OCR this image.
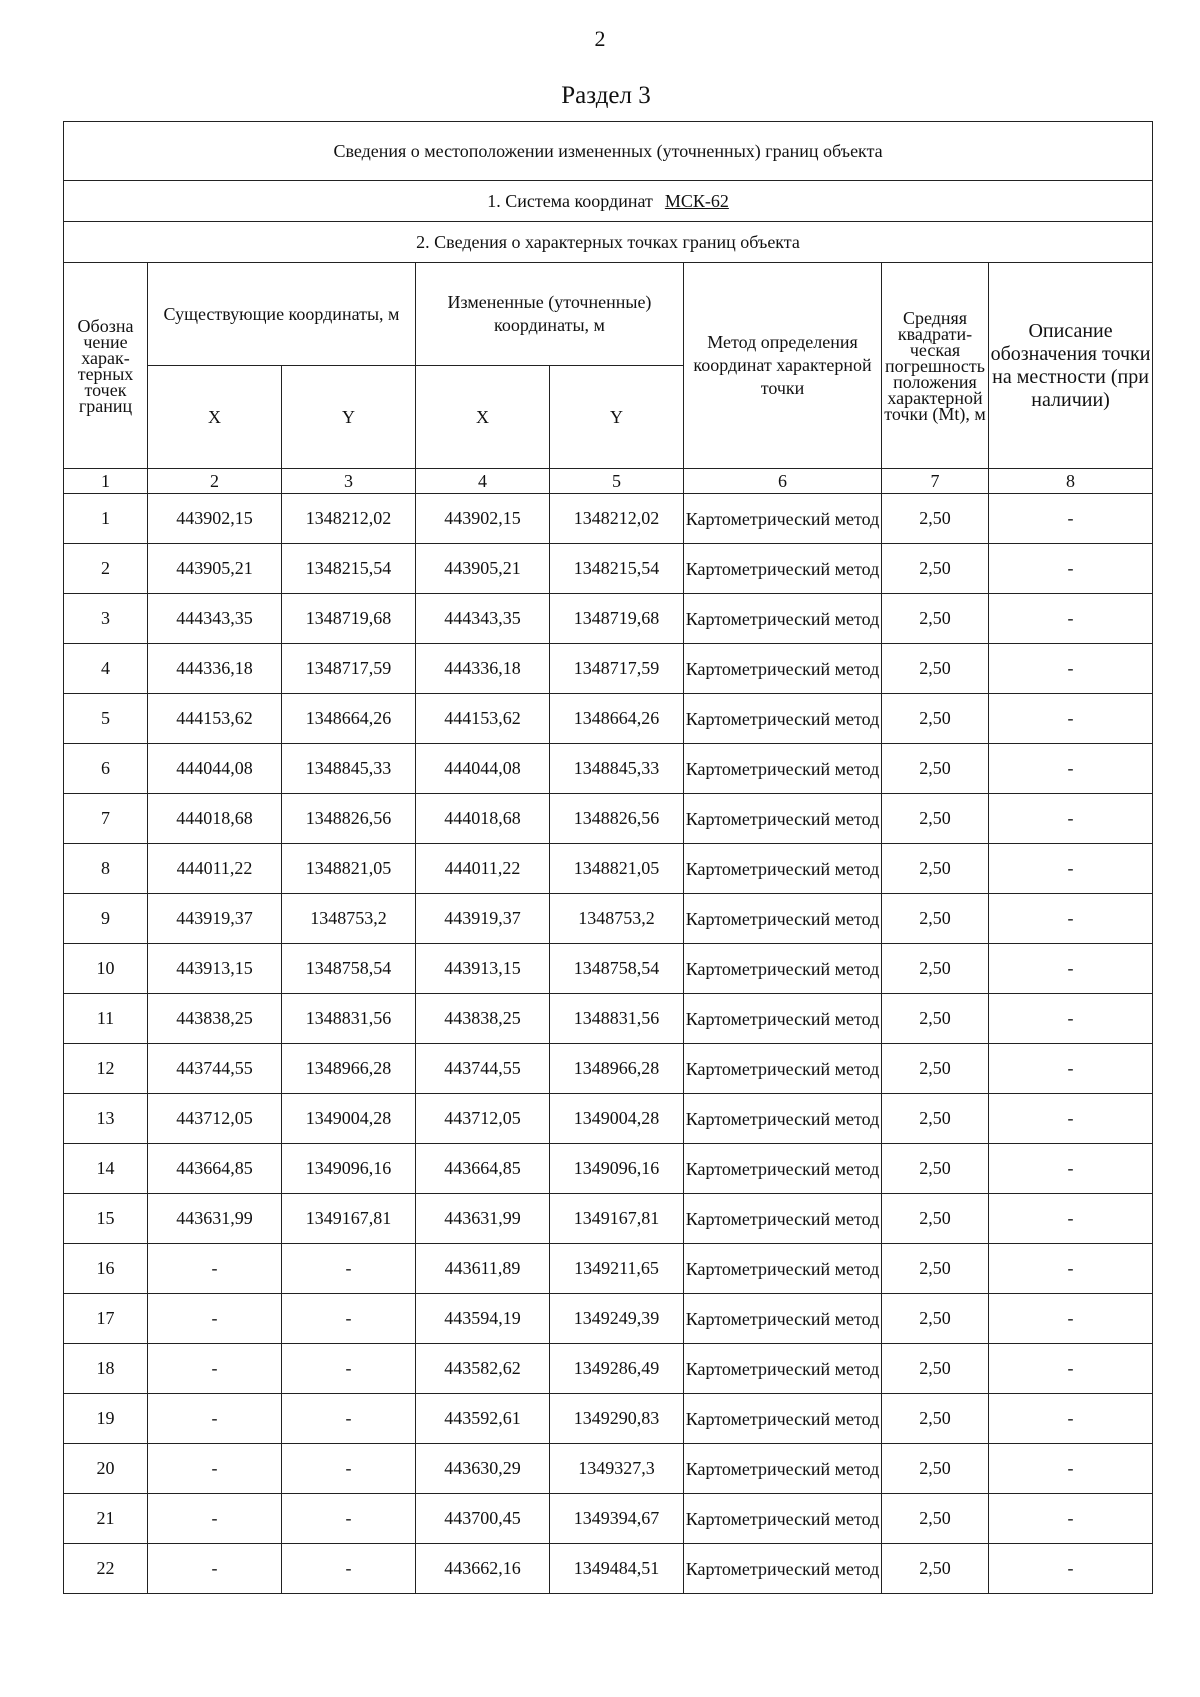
2
Раздел 3
Сведения о местоположении измененных (уточненных) границ объекта							
1. Система координат МСК-62							
2. Сведения о характерных точках границ объекта							
Обозна чение харак-терных точек границ	Существующие координаты, м		Измененные (уточненные) координаты, м		Метод определения координат характерной точки	Средняя квадрати-ческая погрешность положения характерной точки (Mt), м	Описание обозначения точки на местности (при наличии)
	X	Y	X	Y			
1	2	3	4	5	6	7	8
1	443902,15	1348212,02	443902,15	1348212,02	Картометрический метод	2,50	-
2	443905,21	1348215,54	443905,21	1348215,54	Картометрический метод	2,50	-
3	444343,35	1348719,68	444343,35	1348719,68	Картометрический метод	2,50	-
4	444336,18	1348717,59	444336,18	1348717,59	Картометрический метод	2,50	-
5	444153,62	1348664,26	444153,62	1348664,26	Картометрический метод	2,50	-
6	444044,08	1348845,33	444044,08	1348845,33	Картометрический метод	2,50	-
7	444018,68	1348826,56	444018,68	1348826,56	Картометрический метод	2,50	-
8	444011,22	1348821,05	444011,22	1348821,05	Картометрический метод	2,50	-
9	443919,37	1348753,2	443919,37	1348753,2	Картометрический метод	2,50	-
10	443913,15	1348758,54	443913,15	1348758,54	Картометрический метод	2,50	-
11	443838,25	1348831,56	443838,25	1348831,56	Картометрический метод	2,50	-
12	443744,55	1348966,28	443744,55	1348966,28	Картометрический метод	2,50	-
13	443712,05	1349004,28	443712,05	1349004,28	Картометрический метод	2,50	-
14	443664,85	1349096,16	443664,85	1349096,16	Картометрический метод	2,50	-
15	443631,99	1349167,81	443631,99	1349167,81	Картометрический метод	2,50	-
16	-	-	443611,89	1349211,65	Картометрический метод	2,50	-
17	-	-	443594,19	1349249,39	Картометрический метод	2,50	-
18	-	-	443582,62	1349286,49	Картометрический метод	2,50	-
19	-	-	443592,61	1349290,83	Картометрический метод	2,50	-
20	-	-	443630,29	1349327,3	Картометрический метод	2,50	-
21	-	-	443700,45	1349394,67	Картометрический метод	2,50	-
22	-	-	443662,16	1349484,51	Картометрический метод	2,50	-
